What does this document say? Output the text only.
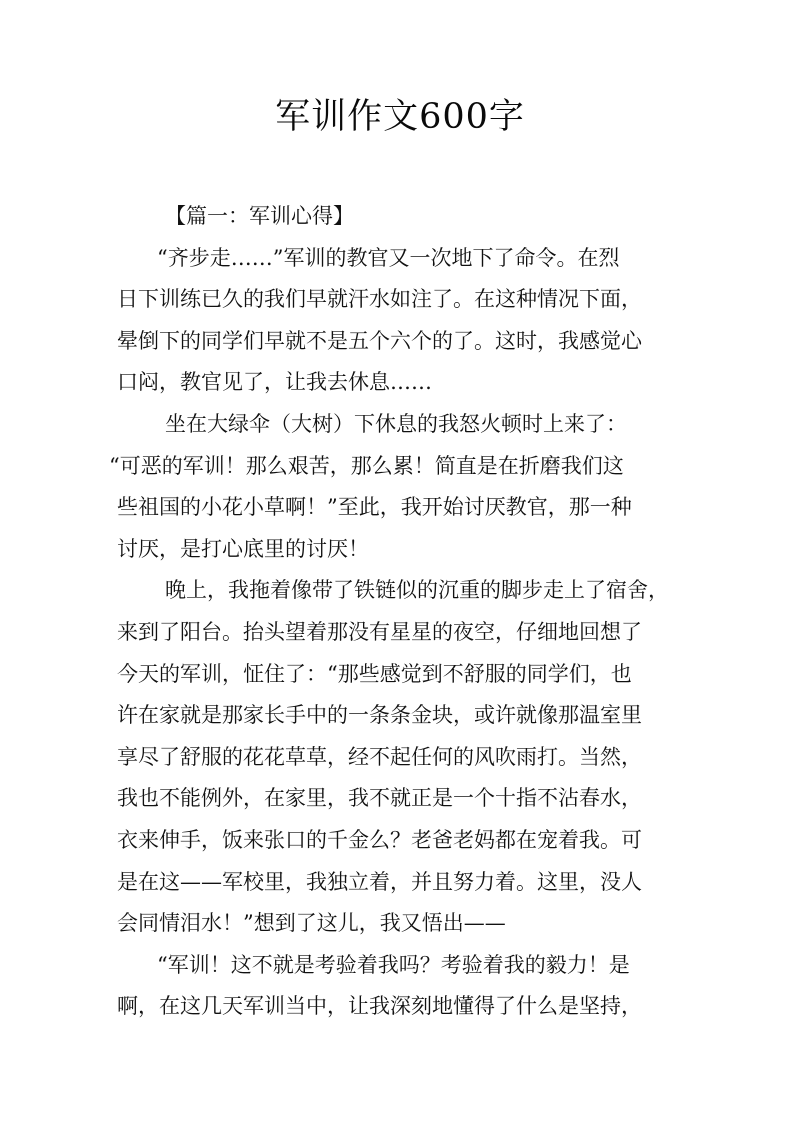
军训作文600字
【篇一：军训心得】
“齐步走……”军训的教官又一次地下了命令。在烈
日下训练已久的我们早就汗水如注了。在这种情况下面，
晕倒下的同学们早就不是五个六个的了。这时，我感觉心
口闷，教官见了，让我去休息……
坐在大绿伞（大树）下休息的我怒火顿时上来了：
“可恶的军训！那么艰苦，那么累！简直是在折磨我们这
些祖国的小花小草啊！”至此，我开始讨厌教官，那一种
讨厌，是打心底里的讨厌！
晚上，我拖着像带了铁链似的沉重的脚步走上了宿舍，
来到了阳台。抬头望着那没有星星的夜空，仔细地回想了
今天的军训，怔住了：“那些感觉到不舒服的同学们，也
许在家就是那家长手中的一条条金块，或许就像那温室里
享尽了舒服的花花草草，经不起任何的风吹雨打。当然，
我也不能例外，在家里，我不就正是一个十指不沾春水，
衣来伸手，饭来张口的千金么？老爸老妈都在宠着我。可
是在这——军校里，我独立着，并且努力着。这里，没人
会同情泪水！”想到了这儿，我又悟出——
“军训！这不就是考验着我吗？考验着我的毅力！是
啊，在这几天军训当中，让我深刻地懂得了什么是坚持，
